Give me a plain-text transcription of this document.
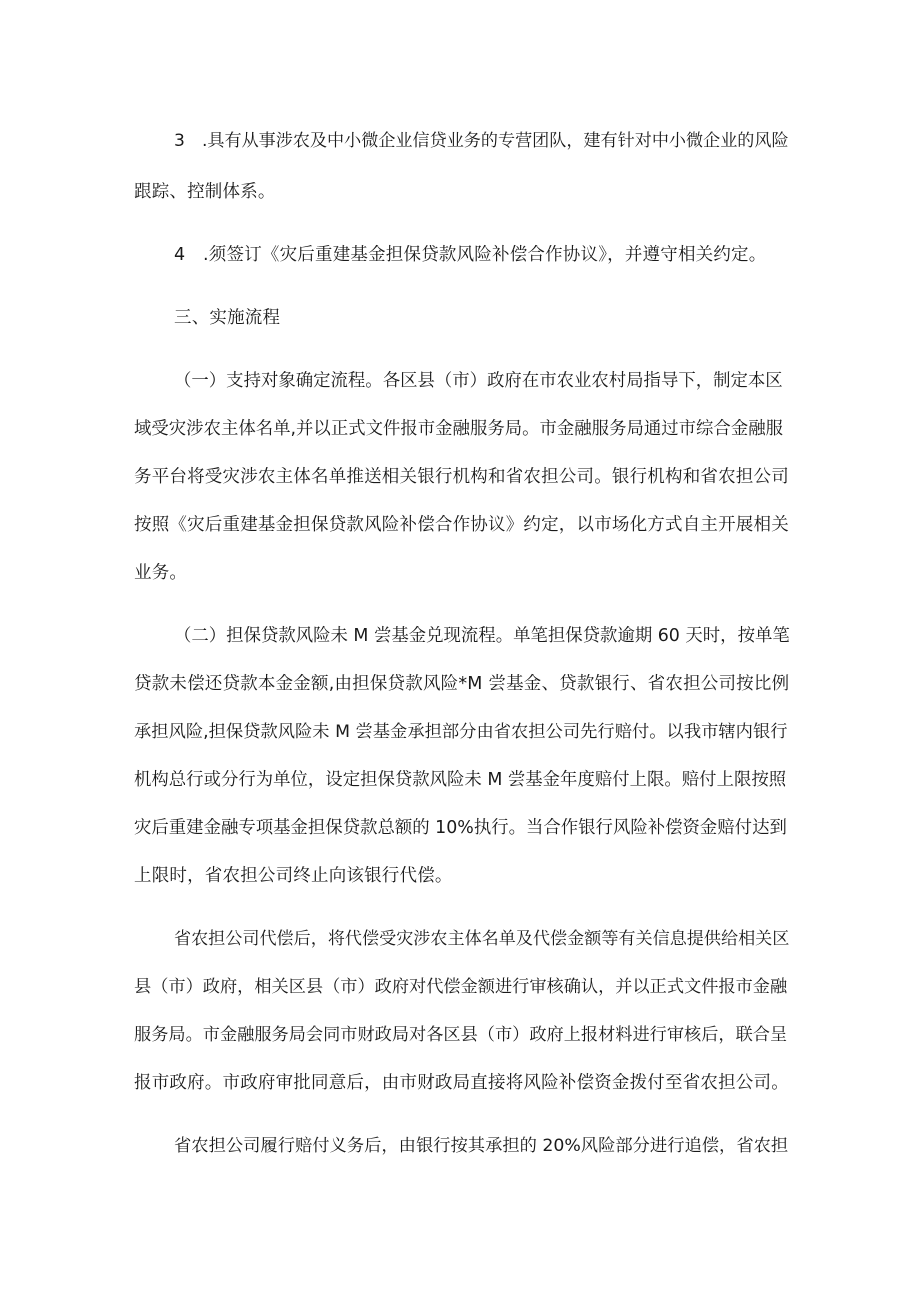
3　.具有从事涉农及中小微企业信贷业务的专营团队，建有针对中小微企业的风险
跟踪、控制体系。
4　.须签订《灾后重建基金担保贷款风险补偿合作协议》，并遵守相关约定。
三、实施流程
（一）支持对象确定流程。各区县（市）政府在市农业农村局指导下，制定本区
域受灾涉农主体名单,并以正式文件报市金融服务局。市金融服务局通过市综合金融服
务平台将受灾涉农主体名单推送相关银行机构和省农担公司。银行机构和省农担公司
按照《灾后重建基金担保贷款风险补偿合作协议》约定，以市场化方式自主开展相关
业务。
（二）担保贷款风险未 M 尝基金兑现流程。单笔担保贷款逾期 60 天时，按单笔
贷款未偿还贷款本金金额,由担保贷款风险*M 尝基金、贷款银行、省农担公司按比例
承担风险,担保贷款风险未 M 尝基金承担部分由省农担公司先行赔付。以我市辖内银行
机构总行或分行为单位，设定担保贷款风险未 M 尝基金年度赔付上限。赔付上限按照
灾后重建金融专项基金担保贷款总额的 10%执行。当合作银行风险补偿资金赔付达到
上限时，省农担公司终止向该银行代偿。
省农担公司代偿后，将代偿受灾涉农主体名单及代偿金额等有关信息提供给相关区
县（市）政府，相关区县（市）政府对代偿金额进行审核确认，并以正式文件报市金融
服务局。市金融服务局会同市财政局对各区县（市）政府上报材料进行审核后，联合呈
报市政府。市政府审批同意后，由市财政局直接将风险补偿资金拨付至省农担公司。
省农担公司履行赔付义务后，由银行按其承担的 20%风险部分进行追偿，省农担
